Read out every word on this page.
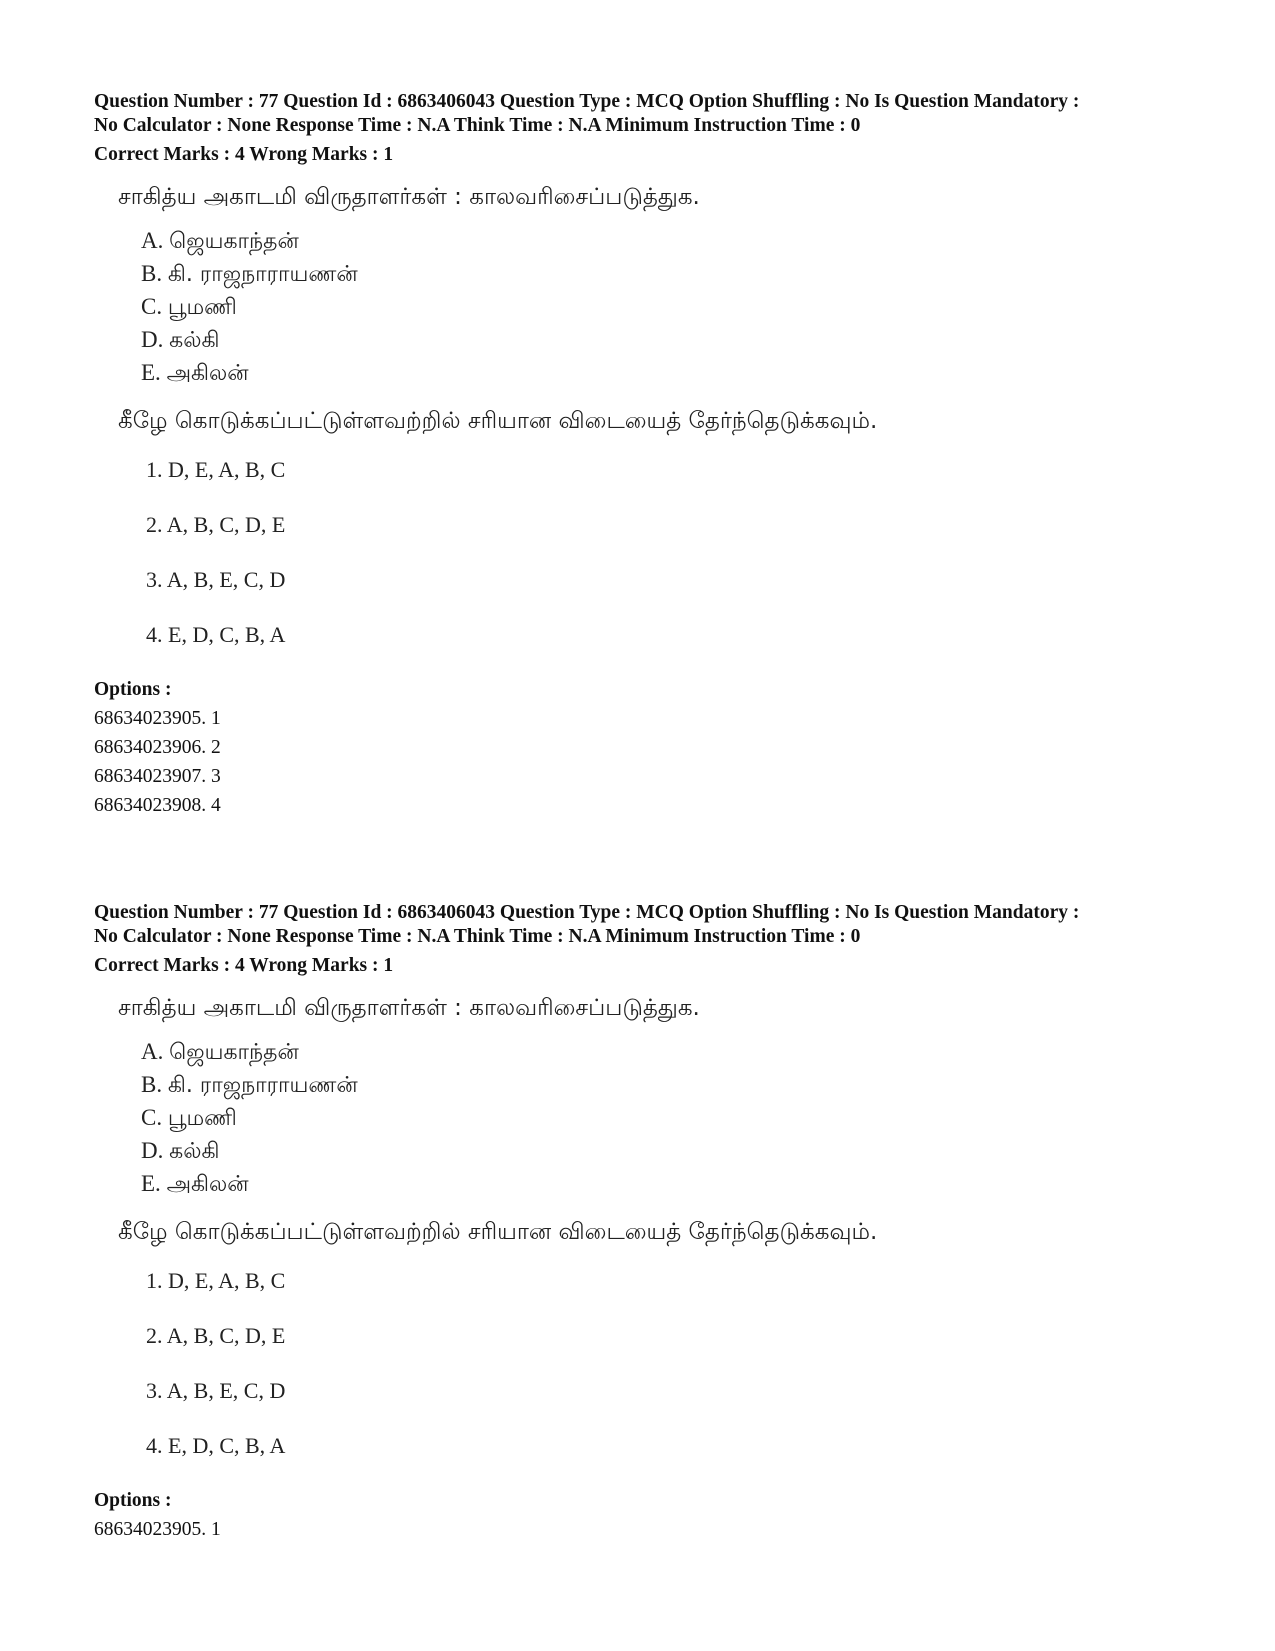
Question Number : 77 Question Id : 6863406043 Question Type : MCQ Option Shuffling : No Is Question Mandatory :
No Calculator : None Response Time : N.A Think Time : N.A Minimum Instruction Time : 0
Correct Marks : 4 Wrong Marks : 1
சாகித்ய அகாடமி விருதாளர்கள் : காலவரிசைப்படுத்துக.
A. ஜெயகாந்தன்
B. கி. ராஜநாராயணன்
C. பூமணி
D. கல்கி
E. அகிலன்
கீழே கொடுக்கப்பட்டுள்ளவற்றில் சரியான விடையைத் தேர்ந்தெடுக்கவும்.
1. D, E, A, B, C
2. A, B, C, D, E
3. A, B, E, C, D
4. E, D, C, B, A
Options :
68634023905. 1
68634023906. 2
68634023907. 3
68634023908. 4
Question Number : 77 Question Id : 6863406043 Question Type : MCQ Option Shuffling : No Is Question Mandatory :
No Calculator : None Response Time : N.A Think Time : N.A Minimum Instruction Time : 0
Correct Marks : 4 Wrong Marks : 1
சாகித்ய அகாடமி விருதாளர்கள் : காலவரிசைப்படுத்துக.
A. ஜெயகாந்தன்
B. கி. ராஜநாராயணன்
C. பூமணி
D. கல்கி
E. அகிலன்
கீழே கொடுக்கப்பட்டுள்ளவற்றில் சரியான விடையைத் தேர்ந்தெடுக்கவும்.
1. D, E, A, B, C
2. A, B, C, D, E
3. A, B, E, C, D
4. E, D, C, B, A
Options :
68634023905. 1
